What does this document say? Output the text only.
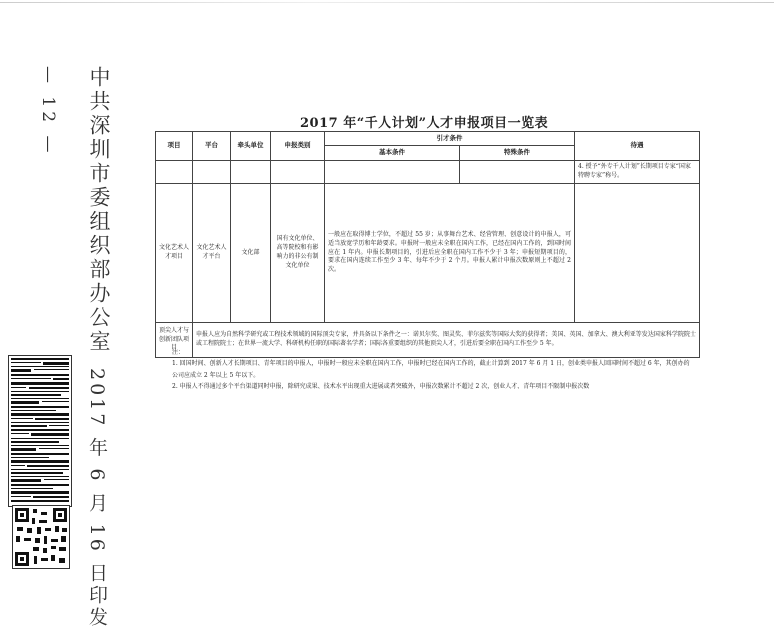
— 12 — 中共深圳市委组织部办公室
2017 年 6 月 16 日印发
2017 年“千人计划”人才申报项目一览表
项目	平台	牵头单位	申报类别	引才条件		待遇
				基本条件	特殊条件	
						4. 授予“外专千人计划”长期项目专家“国家特聘专家”称号。
文化艺术人才项目	文化艺术人才平台	文化部	国有文化单位、高等院校和有影响力的非公有制文化单位	一般应在取得博士学位，不超过 55 岁；从事舞台艺术、经营管理、创意设计的申报人，可适当放宽学历和年龄要求。申报时一般应未全职在国内工作，已经在国内工作的，到国时间应在 1 年内。申报长期项目的，引进后应全职在国内工作不少于 3 年；申报短期项目的，要求在国内连续工作至少 3 年、每年不少于 2 个月。申报人累计申报次数原则上不超过 2 次。		
顶尖人才与创新团队项目	申报人应为自然科学研究或工程技术领域的国际顶尖专家，并具备以下条件之一：诺贝尔奖、图灵奖、菲尔兹奖等国际大奖的获得者；美国、英国、加拿大、澳大利亚等发达国家科学院院士或工程院院士；在世界一流大学、科研机构任职的国际著名学者；国际各重要组织的其他顶尖人才，引进后要全职在国内工作至少 5 年。					

注：

1. 回国时间、创新人才长期项目、青年项目的申报人，申报时一般应未全职在国内工作，申报时已经在国内工作的，截止计算到 2017 年 6 月 1 日，创业类申报人回国时间不超过 6 年，其创办的公司应成立 2 年以上 5 年以下。

2. 申报人不得通过多个平台渠道同时申报，除研究成果、技术水平出现重大进展或者突破外，申报次数累计不超过 2 次，创业人才、青年项目不限制申报次数
